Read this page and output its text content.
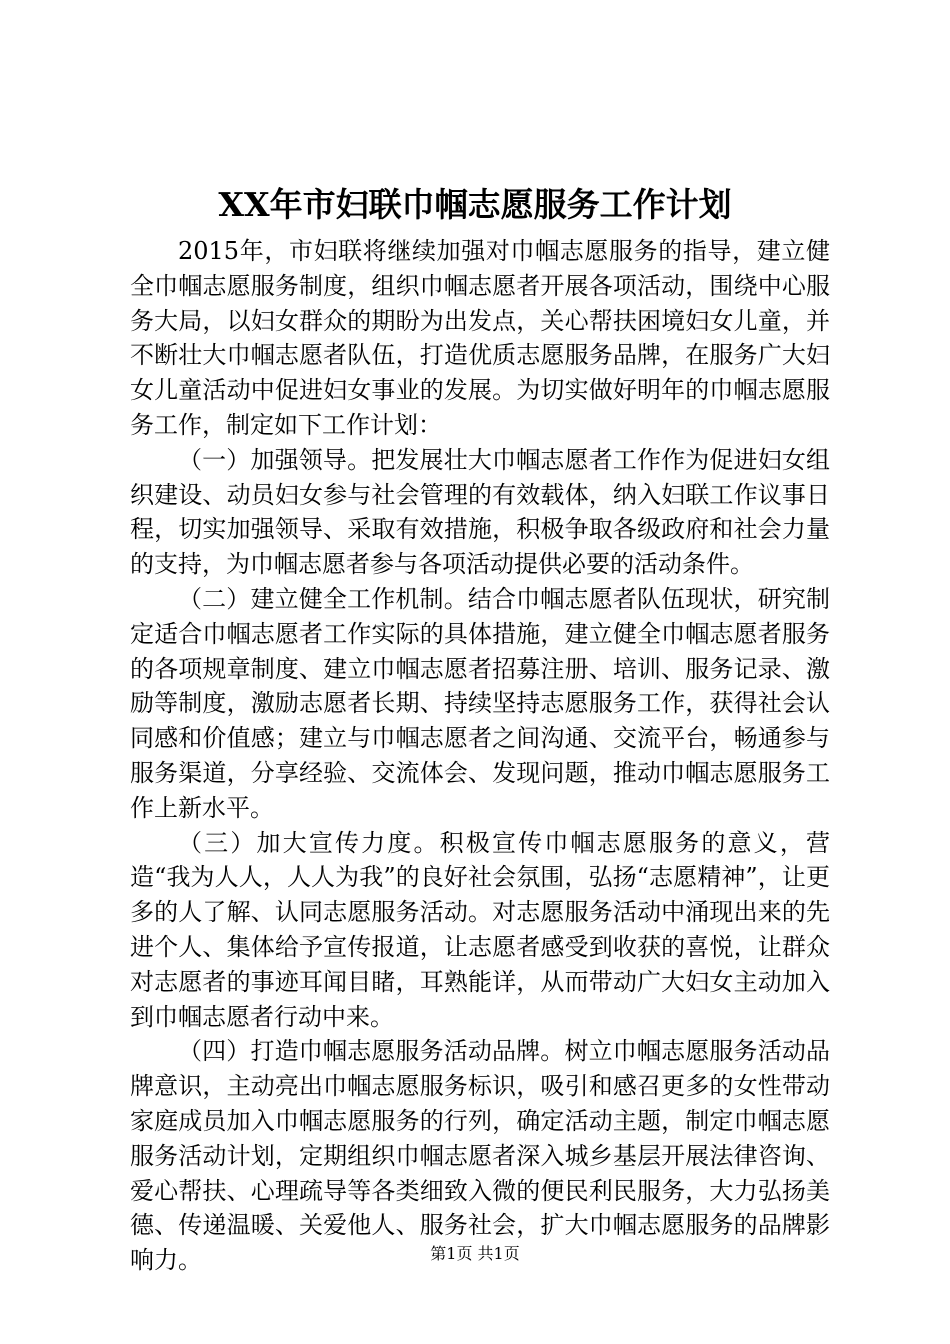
XX年市妇联巾帼志愿服务工作计划

2015年，市妇联将继续加强对巾帼志愿服务的指导，建立健全巾帼志愿服务制度，组织巾帼志愿者开展各项活动，围绕中心服务大局，以妇女群众的期盼为出发点，关心帮扶困境妇女儿童，并不断壮大巾帼志愿者队伍，打造优质志愿服务品牌，在服务广大妇女儿童活动中促进妇女事业的发展。为切实做好明年的巾帼志愿服务工作，制定如下工作计划：

（一）加强领导。把发展壮大巾帼志愿者工作作为促进妇女组织建设、动员妇女参与社会管理的有效载体，纳入妇联工作议事日程，切实加强领导、采取有效措施，积极争取各级政府和社会力量的支持，为巾帼志愿者参与各项活动提供必要的活动条件。

（二）建立健全工作机制。结合巾帼志愿者队伍现状，研究制定适合巾帼志愿者工作实际的具体措施，建立健全巾帼志愿者服务的各项规章制度、建立巾帼志愿者招募注册、培训、服务记录、激励等制度，激励志愿者长期、持续坚持志愿服务工作，获得社会认同感和价值感；建立与巾帼志愿者之间沟通、交流平台，畅通参与服务渠道，分享经验、交流体会、发现问题，推动巾帼志愿服务工作上新水平。

（三）加大宣传力度。积极宣传巾帼志愿服务的意义，营造“我为人人，人人为我”的良好社会氛围，弘扬“志愿精神”，让更多的人了解、认同志愿服务活动。对志愿服务活动中涌现出来的先进个人、集体给予宣传报道，让志愿者感受到收获的喜悦，让群众对志愿者的事迹耳闻目睹，耳熟能详，从而带动广大妇女主动加入到巾帼志愿者行动中来。

（四）打造巾帼志愿服务活动品牌。树立巾帼志愿服务活动品牌意识，主动亮出巾帼志愿服务标识，吸引和感召更多的女性带动家庭成员加入巾帼志愿服务的行列，确定活动主题，制定巾帼志愿服务活动计划，定期组织巾帼志愿者深入城乡基层开展法律咨询、爱心帮扶、心理疏导等各类细致入微的便民利民服务，大力弘扬美德、传递温暖、关爱他人、服务社会，扩大巾帼志愿服务的品牌影响力。	第1页 共1页
